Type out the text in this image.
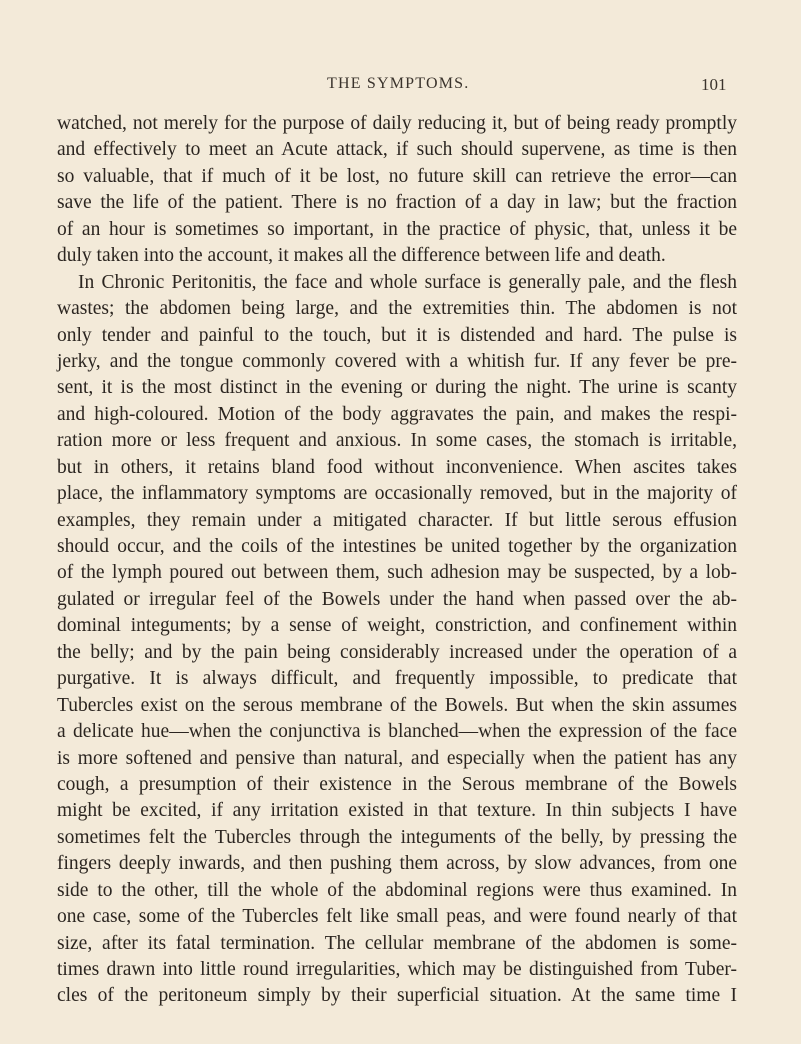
THE SYMPTOMS.	101
watched, not merely for the purpose of daily reducing it, but of being ready promptly
and effectively to meet an Acute attack, if such should supervene, as time is then
so valuable, that if much of it be lost, no future skill can retrieve the error—can
save the life of the patient. There is no fraction of a day in law; but the fraction
of an hour is sometimes so important, in the practice of physic, that, unless it be
duly taken into the account, it makes all the difference between life and death.
In Chronic Peritonitis, the face and whole surface is generally pale, and the flesh
wastes; the abdomen being large, and the extremities thin. The abdomen is not
only tender and painful to the touch, but it is distended and hard. The pulse is
jerky, and the tongue commonly covered with a whitish fur. If any fever be pre-
sent, it is the most distinct in the evening or during the night. The urine is scanty
and high-coloured. Motion of the body aggravates the pain, and makes the respi-
ration more or less frequent and anxious. In some cases, the stomach is irritable,
but in others, it retains bland food without inconvenience. When ascites takes
place, the inflammatory symptoms are occasionally removed, but in the majority of
examples, they remain under a mitigated character. If but little serous effusion
should occur, and the coils of the intestines be united together by the organization
of the lymph poured out between them, such adhesion may be suspected, by a lob-
gulated or irregular feel of the Bowels under the hand when passed over the ab-
dominal integuments; by a sense of weight, constriction, and confinement within
the belly; and by the pain being considerably increased under the operation of a
purgative. It is always difficult, and frequently impossible, to predicate that
Tubercles exist on the serous membrane of the Bowels. But when the skin assumes
a delicate hue—when the conjunctiva is blanched—when the expression of the face
is more softened and pensive than natural, and especially when the patient has any
cough, a presumption of their existence in the Serous membrane of the Bowels
might be excited, if any irritation existed in that texture. In thin subjects I have
sometimes felt the Tubercles through the integuments of the belly, by pressing the
fingers deeply inwards, and then pushing them across, by slow advances, from one
side to the other, till the whole of the abdominal regions were thus examined. In
one case, some of the Tubercles felt like small peas, and were found nearly of that
size, after its fatal termination. The cellular membrane of the abdomen is some-
times drawn into little round irregularities, which may be distinguished from Tuber-
cles of the peritoneum simply by their superficial situation. At the same time I
